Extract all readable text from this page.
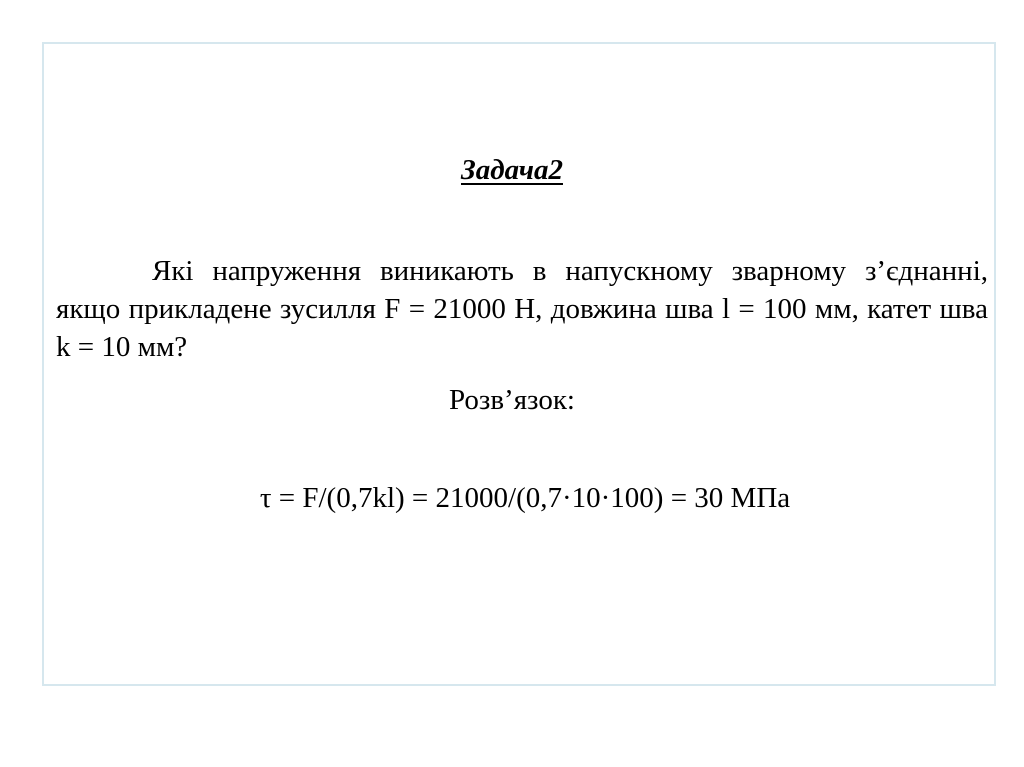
Задача2

Які напруження виникають в напускному зварному з’єднанні, якщо прикладене зусилля F = 21000 Н, довжина шва l = 100 мм, катет шва k = 10 мм?

Розв’язок:
τ = F/(0,7kl) = 21000/(0,7·10·100) = 30 МПа
